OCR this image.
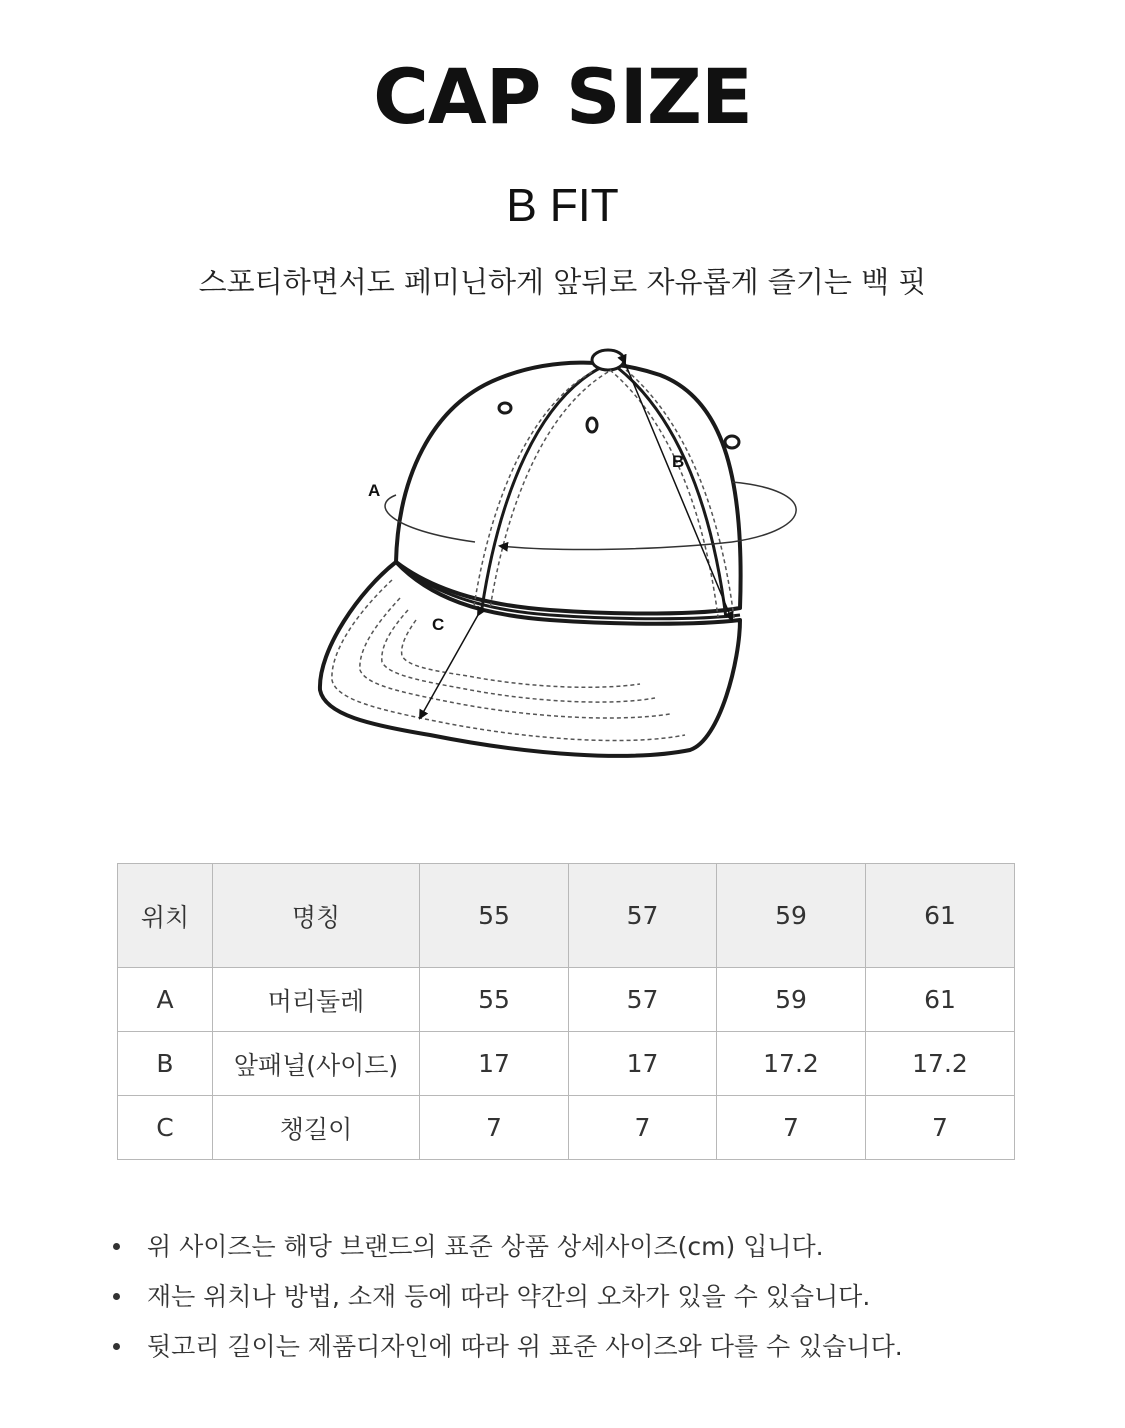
CAP SIZE
B FIT
스포티하면서도 페미닌하게 앞뒤로 자유롭게 즐기는 백 핏
A
B
C
위치	명칭	55	57	59	61
A	머리둘레	55	57	59	61
B	앞패널(사이드)	17	17	17.2	17.2
C	챙길이	7	7	7	7
위 사이즈는 해당 브랜드의 표준 상품 상세사이즈(cm) 입니다.
재는 위치나 방법, 소재 등에 따라 약간의 오차가 있을 수 있습니다.
뒷고리 길이는 제품디자인에 따라 위 표준 사이즈와 다를 수 있습니다.
